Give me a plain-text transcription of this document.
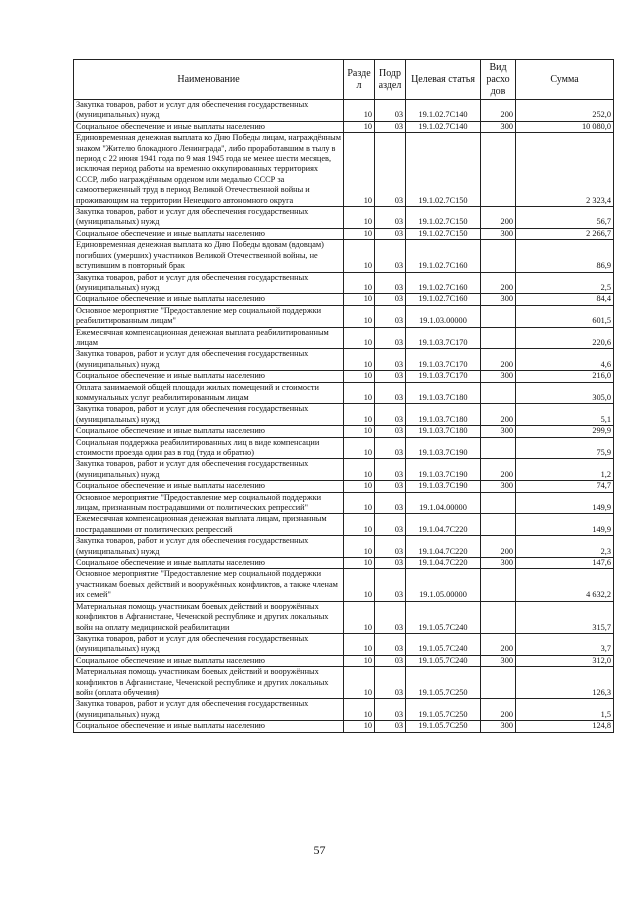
Наименование	Разде л	Подр аздел	Целевая статья	Вид расхо дов	Сумма
Закупка товаров, работ и услуг для обеспечения государственных (муниципальных) нужд	10	03	19.1.02.7С140	200	252,0
Социальное обеспечение и иные выплаты населению	10	03	19.1.02.7С140	300	10 080,0
Единовременная денежная выплата ко Дню Победы лицам, награждённым знаком "Жителю блокадного Ленинграда", либо проработавшим в тылу в период с 22 июня 1941 года по 9 мая 1945 года не менее шести месяцев, исключая период работы на временно оккупированных территориях СССР, либо награждённым орденом или медалью СССР за самоотверженный труд в период Великой Отечественной войны и проживающим на территории Ненецкого автономного округа	10	03	19.1.02.7С150		2 323,4
Закупка товаров, работ и услуг для обеспечения государственных (муниципальных) нужд	10	03	19.1.02.7С150	200	56,7
Социальное обеспечение и иные выплаты населению	10	03	19.1.02.7С150	300	2 266,7
Единовременная денежная выплата ко Дню Победы вдовам (вдовцам) погибших (умерших) участников Великой Отечественной войны, не вступившим в повторный брак	10	03	19.1.02.7С160		86,9
Закупка товаров, работ и услуг для обеспечения государственных (муниципальных) нужд	10	03	19.1.02.7С160	200	2,5
Социальное обеспечение и иные выплаты населению	10	03	19.1.02.7С160	300	84,4
Основное мероприятие "Предоставление мер социальной поддержки реабилитированным лицам"	10	03	19.1.03.00000		601,5
Ежемесячная компенсационная денежная выплата реабилитированным лицам	10	03	19.1.03.7С170		220,6
Закупка товаров, работ и услуг для обеспечения государственных (муниципальных) нужд	10	03	19.1.03.7С170	200	4,6
Социальное обеспечение и иные выплаты населению	10	03	19.1.03.7С170	300	216,0
Оплата занимаемой общей площади жилых помещений и стоимости коммунальных услуг реабилитированным лицам	10	03	19.1.03.7С180		305,0
Закупка товаров, работ и услуг для обеспечения государственных (муниципальных) нужд	10	03	19.1.03.7С180	200	5,1
Социальное обеспечение и иные выплаты населению	10	03	19.1.03.7С180	300	299,9
Социальная поддержка реабилитированных лиц в виде компенсации стоимости проезда один раз в год (туда и обратно)	10	03	19.1.03.7С190		75,9
Закупка товаров, работ и услуг для обеспечения государственных (муниципальных) нужд	10	03	19.1.03.7С190	200	1,2
Социальное обеспечение и иные выплаты населению	10	03	19.1.03.7С190	300	74,7
Основное мероприятие "Предоставление мер социальной поддержки лицам, признанным пострадавшими от политических репрессий"	10	03	19.1.04.00000		149,9
Ежемесячная компенсационная денежная выплата лицам, признанным пострадавшими от политических репрессий	10	03	19.1.04.7С220		149,9
Закупка товаров, работ и услуг для обеспечения государственных (муниципальных) нужд	10	03	19.1.04.7С220	200	2,3
Социальное обеспечение и иные выплаты населению	10	03	19.1.04.7С220	300	147,6
Основное мероприятие "Предоставление мер социальной поддержки участникам боевых действий и вооружённых конфликтов, а также членам их семей"	10	03	19.1.05.00000		4 632,2
Материальная помощь участникам боевых действий и вооружённых конфликтов в Афганистане, Чеченской республике и других локальных войн на оплату медицинской реабилитации	10	03	19.1.05.7С240		315,7
Закупка товаров, работ и услуг для обеспечения государственных (муниципальных) нужд	10	03	19.1.05.7С240	200	3,7
Социальное обеспечение и иные выплаты населению	10	03	19.1.05.7С240	300	312,0
Материальная помощь участникам боевых действий и вооружённых конфликтов в Афганистане, Чеченской республике и других локальных войн (оплата обучения)	10	03	19.1.05.7С250		126,3
Закупка товаров, работ и услуг для обеспечения государственных (муниципальных) нужд	10	03	19.1.05.7С250	200	1,5
Социальное обеспечение и иные выплаты населению	10	03	19.1.05.7С250	300	124,8
57
